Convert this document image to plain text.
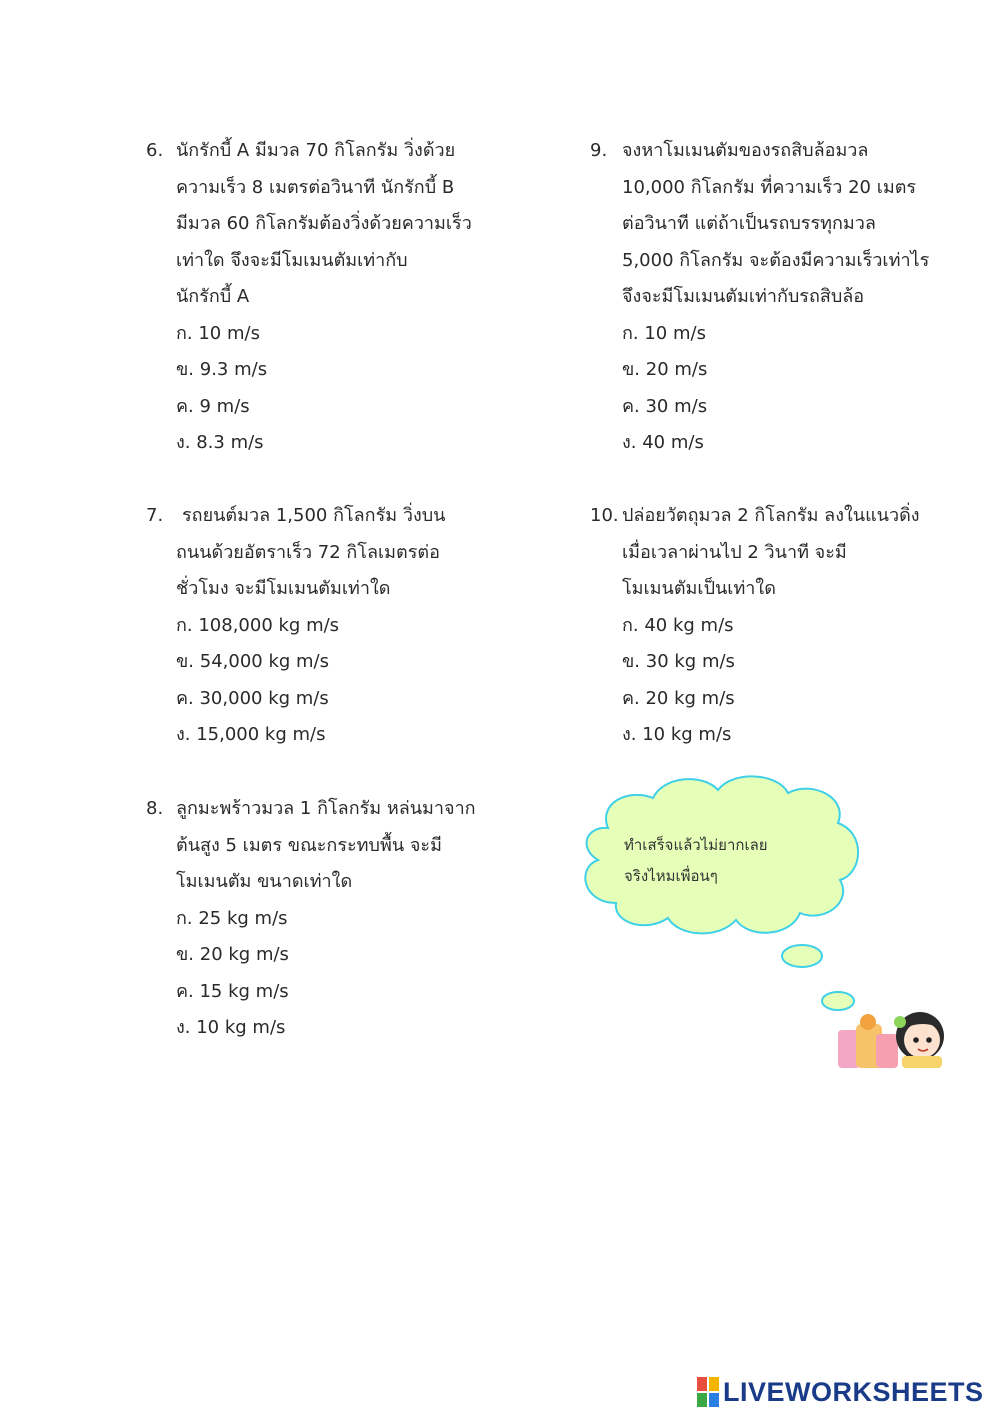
6. นักรักบี้ A มีมวล 70 กิโลกรัม วิ่งด้วย
ความเร็ว 8 เมตรต่อวินาที นักรักบี้ B
มีมวล 60 กิโลกรัมต้องวิ่งด้วยความเร็ว
เท่าใด จึงจะมีโมเมนตัมเท่ากับ
นักรักบี้ A
ก. 10 m/s
ข. 9.3 m/s
ค. 9 m/s
ง. 8.3 m/s
7. รถยนต์มวล 1,500 กิโลกรัม วิ่งบน
ถนนด้วยอัตราเร็ว 72 กิโลเมตรต่อ
ชั่วโมง จะมีโมเมนตัมเท่าใด
ก. 108,000 kg m/s
ข. 54,000 kg m/s
ค. 30,000 kg m/s
ง. 15,000 kg m/s
8. ลูกมะพร้าวมวล 1 กิโลกรัม หล่นมาจาก
ต้นสูง 5 เมตร ขณะกระทบพื้น จะมี
โมเมนตัม ขนาดเท่าใด
ก. 25 kg m/s
ข. 20 kg m/s
ค. 15 kg m/s
ง. 10 kg m/s
9. จงหาโมเมนตัมของรถสิบล้อมวล
10,000 กิโลกรัม ที่ความเร็ว 20 เมตร
ต่อวินาที แต่ถ้าเป็นรถบรรทุกมวล
5,000 กิโลกรัม จะต้องมีความเร็วเท่าไร
จึงจะมีโมเมนตัมเท่ากับรถสิบล้อ
ก. 10 m/s
ข. 20 m/s
ค. 30 m/s
ง. 40 m/s
10. ปล่อยวัตถุมวล 2 กิโลกรัม ลงในแนวดิ่ง
เมื่อเวลาผ่านไป 2 วินาที จะมี
โมเมนตัมเป็นเท่าใด
ก. 40 kg m/s
ข. 30 kg m/s
ค. 20 kg m/s
ง. 10 kg m/s
ทำเสร็จแล้วไม่ยากเลย
จริงไหมเพื่อนๆ
LIVEWORKSHEETS
